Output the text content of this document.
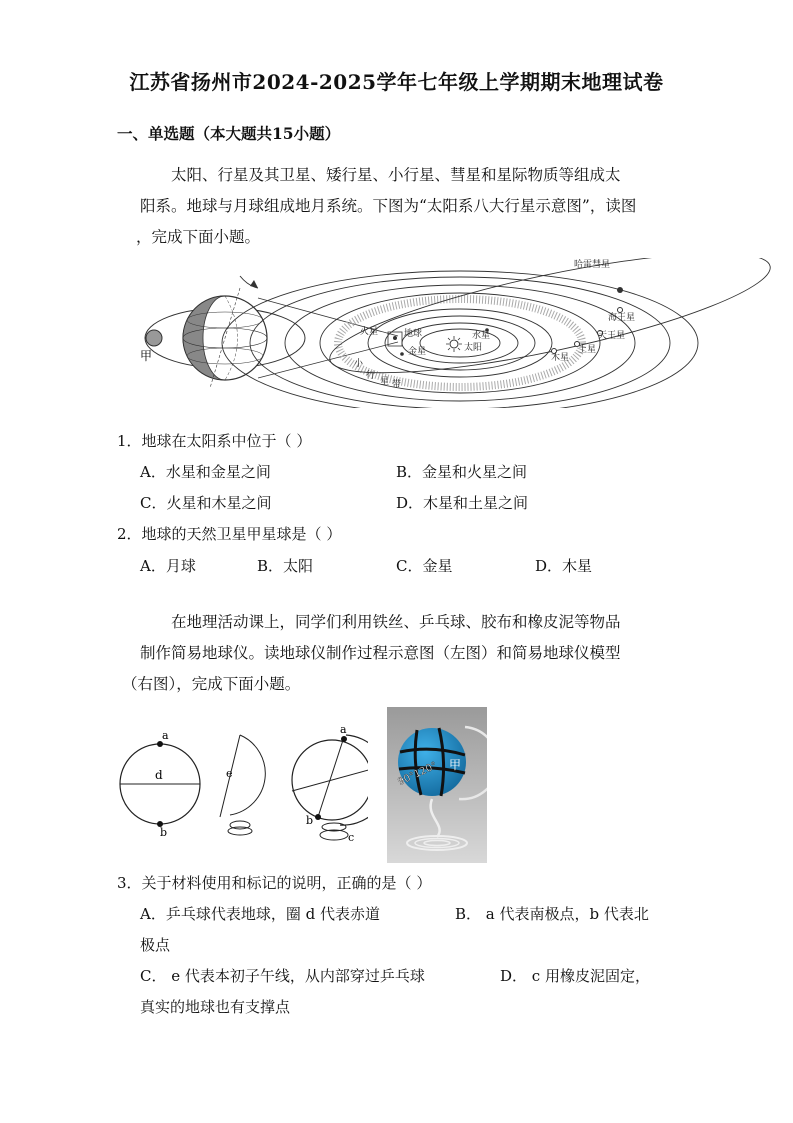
江苏省扬州市2024-2025学年七年级上学期期末地理试卷
一、单选题（本大题共15小题）
太阳、行星及其卫星、矮行星、小行星、彗星和星际物质等组成太
阳系。地球与月球组成地月系统。下图为“太阳系八大行星示意图”，读图
，完成下面小题。
甲
哈雷彗星
海王星
天王星
土星
木星
火星	地球	水星
金星	太阳
小
行
星 带
1．地球在太阳系中位于（ ）
A．水星和金星之间	B．金星和火星之间
C．火星和木星之间	D．木星和土星之间
2．地球的天然卫星甲星球是（ ）
A．月球	B．太阳	C．金星	D．木星
在地理活动课上，同学们利用铁丝、乒乓球、胶布和橡皮泥等物品
制作简易地球仪。读地球仪制作过程示意图（左图）和简易地球仪模型
（右图），完成下面小题。
a
d
b
e
a
b
c
90°120° 甲
3．关于材料使用和标记的说明，正确的是（ ）
A．乒乓球代表地球，圈 d 代表赤道	B． a 代表南极点，b 代表北
极点
C． e 代表本初子午线，从内部穿过乒乓球	D． c 用橡皮泥固定，
真实的地球也有支撑点
